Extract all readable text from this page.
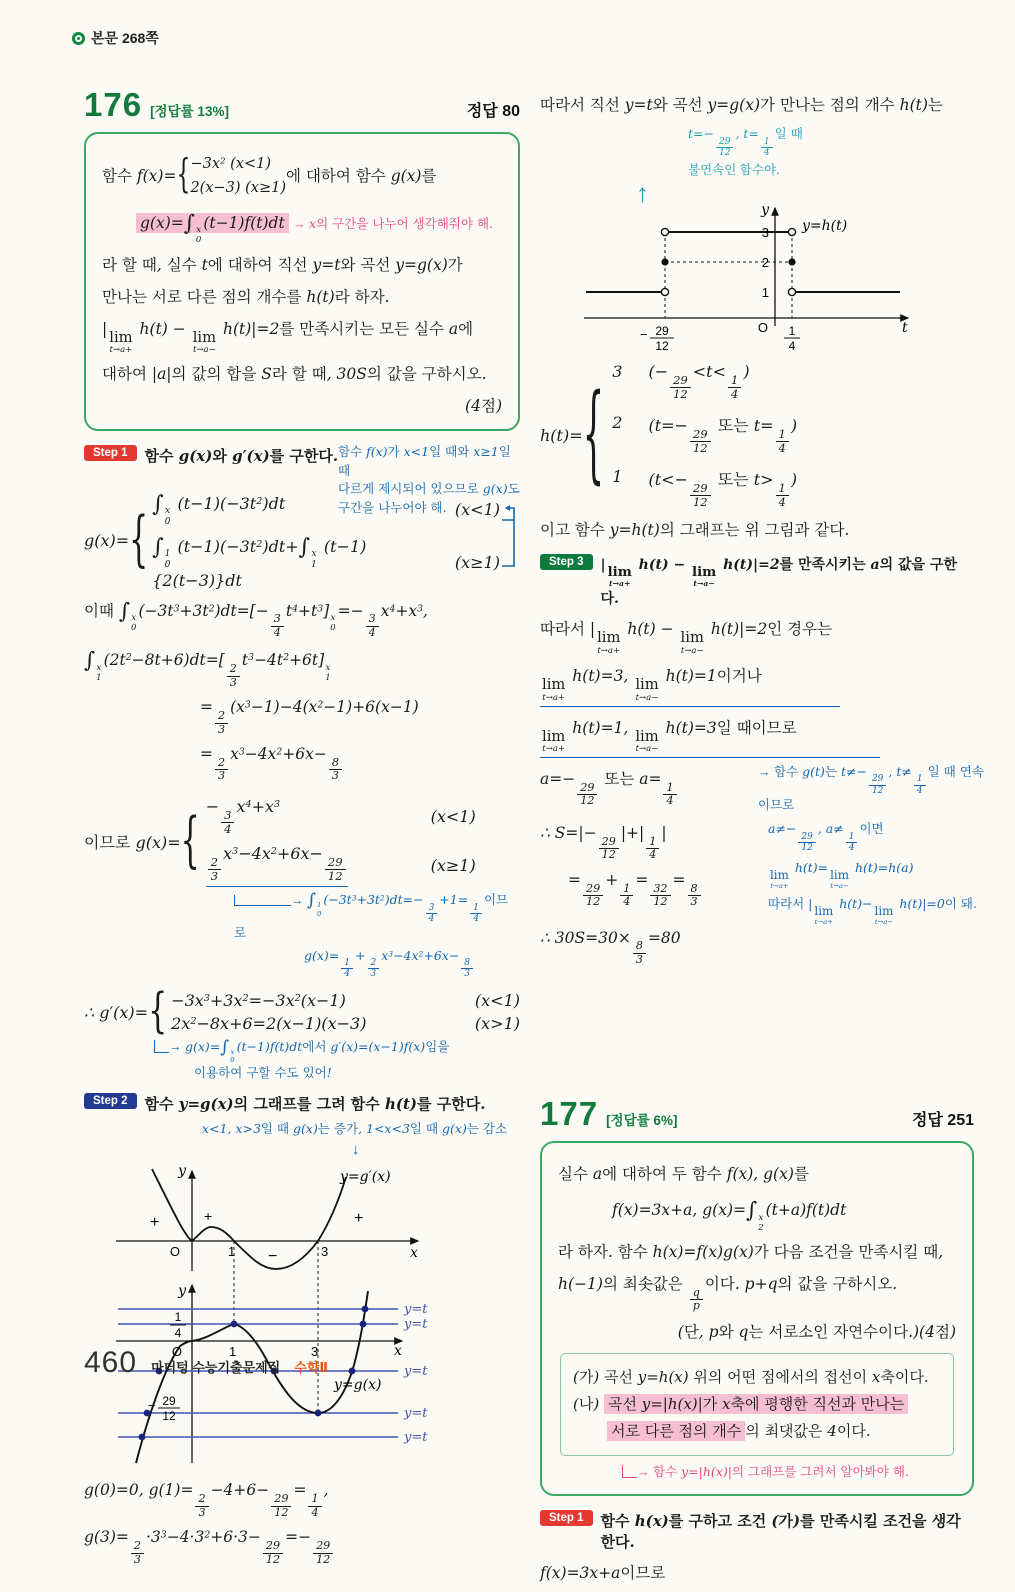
본문 268쪽
176 [정답률 13%]	정답 80
함수 f(x)= { $-3x^2$ (x<1)
2(x−3) (x≥1)
에 대하여 함수 g(x)를
g(x)=∫ x
0
(t−1)f(t)dt → x의 구간을 나누어 생각해줘야 해.
라 할 때, 실수 t에 대하여 직선 y=t와 곡선 y=g(x)가
만나는 서로 다른 점의 개수를 h(t)라 하자.
| lim
t→a+
h(t) − lim
t→a−
h(t)|=2를 만족시키는 모든 실수 a에
대하여 |a|의 값의 합을 S라 할 때, 30S의 값을 구하시오.
(4점)
Step 1	함수 g(x)와 g′(x)를 구한다. 함수 f(x)가 x<1일 때와 x≥1일 때
다르게 제시되어 있으므로 g(x)도
구간을 나누어야 해.
g(x)= {
∫ x
0
$(t-1)(-3t^2)dt$	(x<1)
∫ 1
0
$(t-1)(-3t^2)dt+\int$ x
1
(t−1){2(t−3)}dt
(x≥1)
이때 ∫ x
0
$(-3t^3+3t^2)dt=[-$
$\frac{3}{4}$
$t^4+t^3$] x
0
=−
$\frac{3}{4}$
$x^4+x^3$,
∫ x
1
$(2t^2-8t+6)dt=$[
$\frac{2}{3}$
$t^3-4t^2+6t$] x
1
=
$\frac{2}{3}$
$(x^3-1)-4(x^2-1)+6(x-1)$
=
$\frac{2}{3}$
$x^3-4x^2+6x-$
$\frac{8}{3}$
이므로 g(x)= { −
$\frac{3}{4}$
$x^4+x^3$
(x<1)
$\frac{2}{3}$
$x^3-4x^2+6x-$
$\frac{29}{12}$	(x≥1)
→ ∫ 1
0
$(-3t^3+3t^2)dt=-$
$\frac{3}{4}$
+1=
$\frac{1}{4}$
이므로
g(x)=
$\frac{1}{4}$
+
$\frac{2}{3}$
$x^3-4x^2+6x-$
$\frac{8}{3}$
∴ g′(x)= { $-3x^3+3x^2=-3x^2(x-1)$	(x<1)
$2x^2-8x+6=2(x-1)(x-3)$	(x>1)
→ g(x)=∫ x
0
(t−1)f(t)dt에서 g′(x)=(x−1)f(x)임을
이용하여 구할 수도 있어!
Step 2	함수 y=g(x)의 그래프를 그려 함수 h(t)를 구한다.
x<1, x>3일 때 g(x)는 증가, 1<x<3일 때 g(x)는 감소
↓
y
x
O	1	3
+	+
−
+
y=g′(x)
y
x
O	1	3
1
4
− 29
12
y=t
y=t
y=t
y=t
y=t
y=g(x)
g(0)=0, g(1)=
$\frac{2}{3}$
−4+6−
$\frac{29}{12}$
=
$\frac{1}{4}$
,
g(3)=
$\frac{2}{3}$
$\cdot 3^3-4\cdot 3^2+6\cdot 3-$
$\frac{29}{12}$
=−
$\frac{29}{12}$
따라서 직선 y=t와 곡선 y=g(x)가 만나는 점의 개수 h(t)는
t=−
$\frac{29}{12}$
, t=
$\frac{1}{4}$
일 때
불연속인 함수야.
↑
y
t
3
2
1
O
y=h(t)
− 29
12
1
4
h(t)= {
3 (−
$\frac{29}{12}$
<t<
$\frac{1}{4}$
)
2 (t=−
$\frac{29}{12}$
또는 t=
$\frac{1}{4}$
)
1 (t<−
$\frac{29}{12}$
또는 t>
$\frac{1}{4}$
)
이고 함수 y=h(t)의 그래프는 위 그림과 같다.
Step 3	| lim
t→a+
h(t) − lim
t→a−
h(t)|=2를 만족시키는 a의 값을 구한다.
따라서 | lim
t→a+
h(t) − lim
t→a−
h(t)|=2인 경우는
lim
t→a+
h(t)=3, lim
t→a−
h(t)=1이거나
lim
t→a+
h(t)=1, lim
t→a−
h(t)=3일 때이므로
a=−
$\frac{29}{12}$
또는 a=
$\frac{1}{4}$
→ 함수 g(t)는 t≠−
$\frac{29}{12}$
, t≠
$\frac{1}{4}$
일 때 연속이므로
a≠−
$\frac{29}{12}$
, a≠
$\frac{1}{4}$
이면
lim
t→a+
h(t)= lim
t→a−
h(t)=h(a)
따라서 | lim
t→a+
h(t)− lim
t→a−
h(t)|=0이 돼.
∴ S=|−
$\frac{29}{12}$
|+|
$\frac{1}{4}$
|
=
$\frac{29}{12}$
+
$\frac{1}{4}$
=
$\frac{32}{12}$
=
$\frac{8}{3}$
∴ 30S=30×
$\frac{8}{3}$
=80
177 [정답률 6%]	정답 251
실수 a에 대하여 두 함수 f(x), g(x)를
f(x)=3x+a, g(x)=∫ x
2
(t+a)f(t)dt
라 하자. 함수 h(x)=f(x)g(x)가 다음 조건을 만족시킬 때,
h(−1)의 최솟값은
$\frac{q}{p}$
이다. p+q의 값을 구하시오.
(단, p와 q는 서로소인 자연수이다.)(4점)
(가) 곡선 y=h(x) 위의 어떤 점에서의 접선이 x축이다.
(나) 곡선 y=|h(x)|가 x축에 평행한 직선과 만나는
서로 다른 점의 개수 의 최댓값은 4이다.
→ 함수 y=|h(x)|의 그래프를 그려서 알아봐야 해.
Step 1	함수 h(x)를 구하고 조건 (가)를 만족시킬 조건을 생각한다.
f(x)=3x+a이므로
460 마더텅 수능기출문제집 수학Ⅱ
